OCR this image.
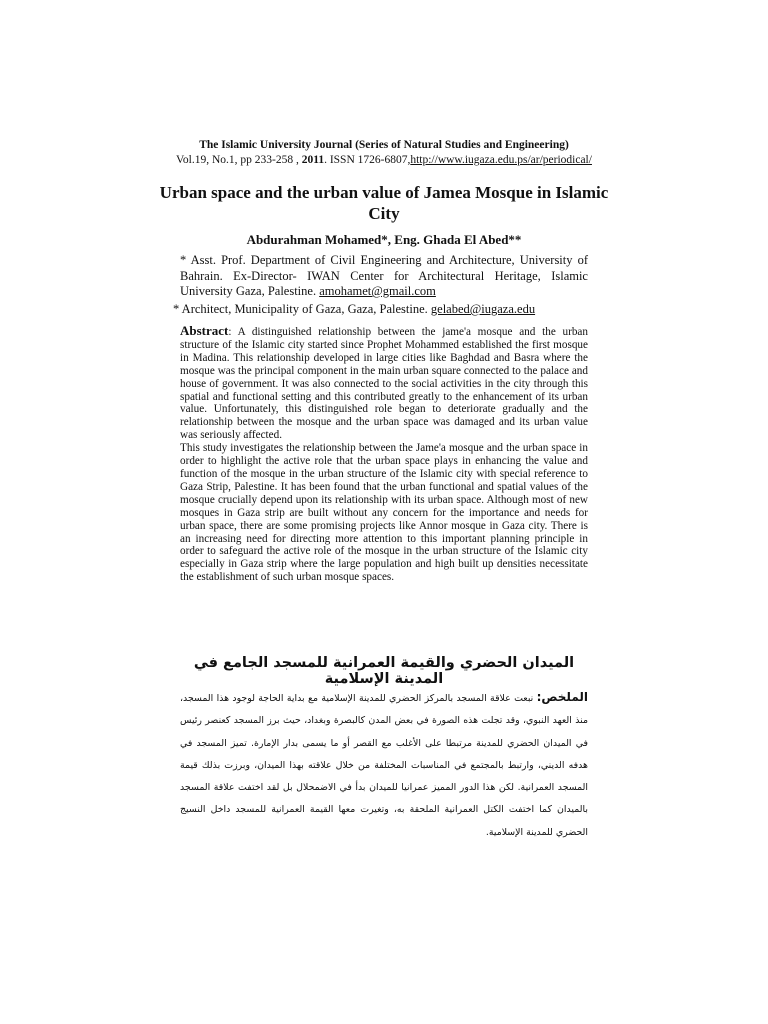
The Islamic University Journal (Series of Natural Studies and Engineering)
Vol.19, No.1, pp 233-258 , 2011. ISSN 1726-6807,http://www.iugaza.edu.ps/ar/periodical/
Urban space and the urban value of Jamea Mosque in Islamic City
Abdurahman Mohamed*, Eng. Ghada El Abed**
* Asst. Prof. Department of Civil Engineering and Architecture, University of Bahrain. Ex-Director- IWAN Center for Architectural Heritage, Islamic University Gaza, Palestine. amohamet@gmail.com
* Architect, Municipality of Gaza, Gaza, Palestine. gelabed@iugaza.edu

Abstract: A distinguished relationship between the jame'a mosque and the urban structure of the Islamic city started since Prophet Mohammed established the first mosque in Madina. This relationship developed in large cities like Baghdad and Basra where the mosque was the principal component in the main urban square connected to the palace and house of government. It was also connected to the social activities in the city through this spatial and functional setting and this contributed greatly to the enhancement of its urban value. Unfortunately, this distinguished role began to deteriorate gradually and the relationship between the mosque and the urban space was damaged and its urban value was seriously affected.

This study investigates the relationship between the Jame'a mosque and the urban space in order to highlight the active role that the urban space plays in enhancing the value and function of the mosque in the urban structure of the Islamic city with special reference to Gaza Strip, Palestine. It has been found that the urban functional and spatial values of the mosque crucially depend upon its relationship with its urban space. Although most of new mosques in Gaza strip are built without any concern for the importance and needs for urban space, there are some promising projects like Annor mosque in Gaza city. There is an increasing need for directing more attention to this important planning principle in order to safeguard the active role of the mosque in the urban structure of the Islamic city especially in Gaza strip where the large population and high built up densities necessitate the establishment of such urban mosque spaces.

الميدان الحضري والقيمة العمرانية للمسجد الجامع في المدينة الإسلامية
الملخص: نبعت علاقة المسجد بالمركز الحضري للمدينة الإسلامية مع بداية الحاجة لوجود هذا المسجد، منذ العهد النبوي، وقد تجلت هذه الصورة في بعض المدن كالبصرة وبغداد، حيث برز المسجد كعنصر رئيس في الميدان الحضري للمدينة مرتبطا على الأغلب مع القصر أو ما يسمى بدار الإمارة. تميز المسجد في هدفه الديني، وارتبط بالمجتمع في المناسبات المختلفة من خلال علاقته بهذا الميدان، وبرزت بذلك قيمة المسجد العمرانية. لكن هذا الدور المميز عمرانيا للميدان بدأ في الاضمحلال بل لقد اختفت علاقة المسجد بالميدان كما اختفت الكتل العمرانية الملحقة به، وتغيرت معها القيمة العمرانية للمسجد داخل النسيج الحضري للمدينة الإسلامية.
